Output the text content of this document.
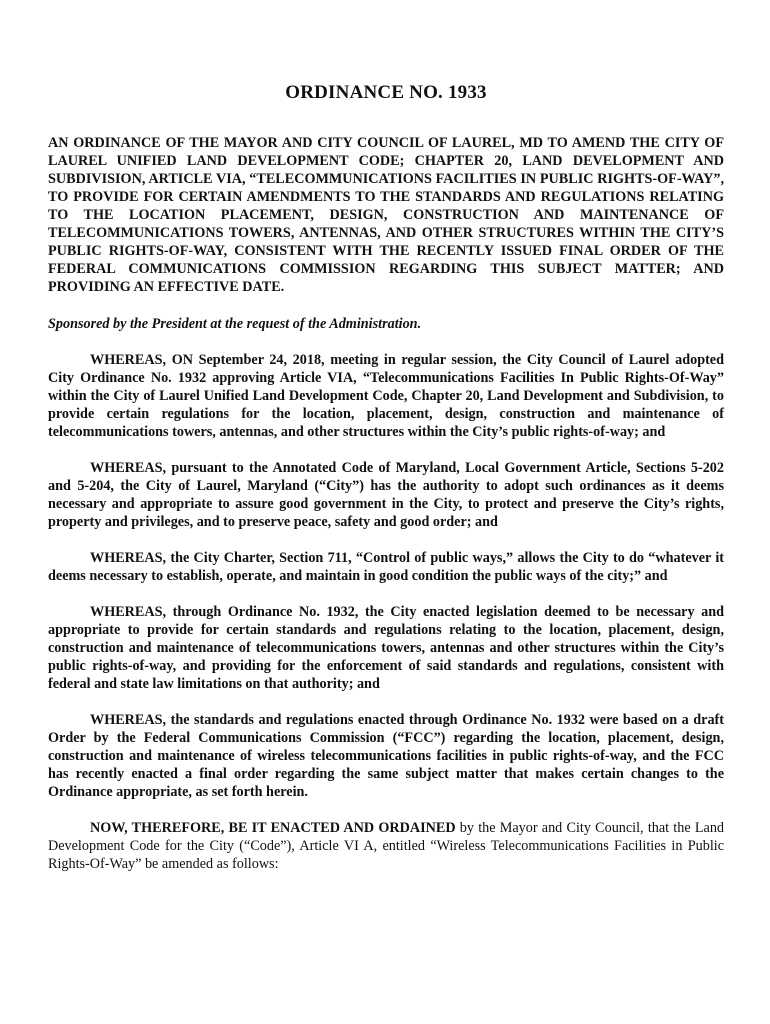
ORDINANCE NO. 1933

AN ORDINANCE OF THE MAYOR AND CITY COUNCIL OF LAUREL, MD TO AMEND THE CITY OF LAUREL UNIFIED LAND DEVELOPMENT CODE; CHAPTER 20, LAND DEVELOPMENT AND SUBDIVISION, ARTICLE VIA, “TELECOMMUNICATIONS FACILITIES IN PUBLIC RIGHTS-OF-WAY”, TO PROVIDE FOR CERTAIN AMENDMENTS TO THE STANDARDS AND REGULATIONS RELATING TO THE LOCATION PLACEMENT, DESIGN, CONSTRUCTION AND MAINTENANCE OF TELECOMMUNICATIONS TOWERS, ANTENNAS, AND OTHER STRUCTURES WITHIN THE CITY’S PUBLIC RIGHTS-OF-WAY, CONSISTENT WITH THE RECENTLY ISSUED FINAL ORDER OF THE FEDERAL COMMUNICATIONS COMMISSION REGARDING THIS SUBJECT MATTER; AND PROVIDING AN EFFECTIVE DATE.

Sponsored by the President at the request of the Administration.

WHEREAS, ON September 24, 2018, meeting in regular session, the City Council of Laurel adopted City Ordinance No. 1932 approving Article VIA, “Telecommunications Facilities In Public Rights-Of-Way” within the City of Laurel Unified Land Development Code, Chapter 20, Land Development and Subdivision, to provide certain regulations for the location, placement, design, construction and maintenance of telecommunications towers, antennas, and other structures within the City’s public rights-of-way; and

WHEREAS, pursuant to the Annotated Code of Maryland, Local Government Article, Sections 5-202 and 5-204, the City of Laurel, Maryland (“City”) has the authority to adopt such ordinances as it deems necessary and appropriate to assure good government in the City, to protect and preserve the City’s rights, property and privileges, and to preserve peace, safety and good order; and

WHEREAS, the City Charter, Section 711, “Control of public ways,” allows the City to do “whatever it deems necessary to establish, operate, and maintain in good condition the public ways of the city;” and

WHEREAS, through Ordinance No. 1932, the City enacted legislation deemed to be necessary and appropriate to provide for certain standards and regulations relating to the location, placement, design, construction and maintenance of telecommunications towers, antennas and other structures within the City’s public rights-of-way, and providing for the enforcement of said standards and regulations, consistent with federal and state law limitations on that authority; and

WHEREAS, the standards and regulations enacted through Ordinance No. 1932 were based on a draft Order by the Federal Communications Commission (“FCC”) regarding the location, placement, design, construction and maintenance of wireless telecommunications facilities in public rights-of-way, and the FCC has recently enacted a final order regarding the same subject matter that makes certain changes to the Ordinance appropriate, as set forth herein.

NOW, THEREFORE, BE IT ENACTED AND ORDAINED by the Mayor and City Council, that the Land Development Code for the City (“Code”), Article VI A, entitled “Wireless Telecommunications Facilities in Public Rights-Of-Way” be amended as follows:
